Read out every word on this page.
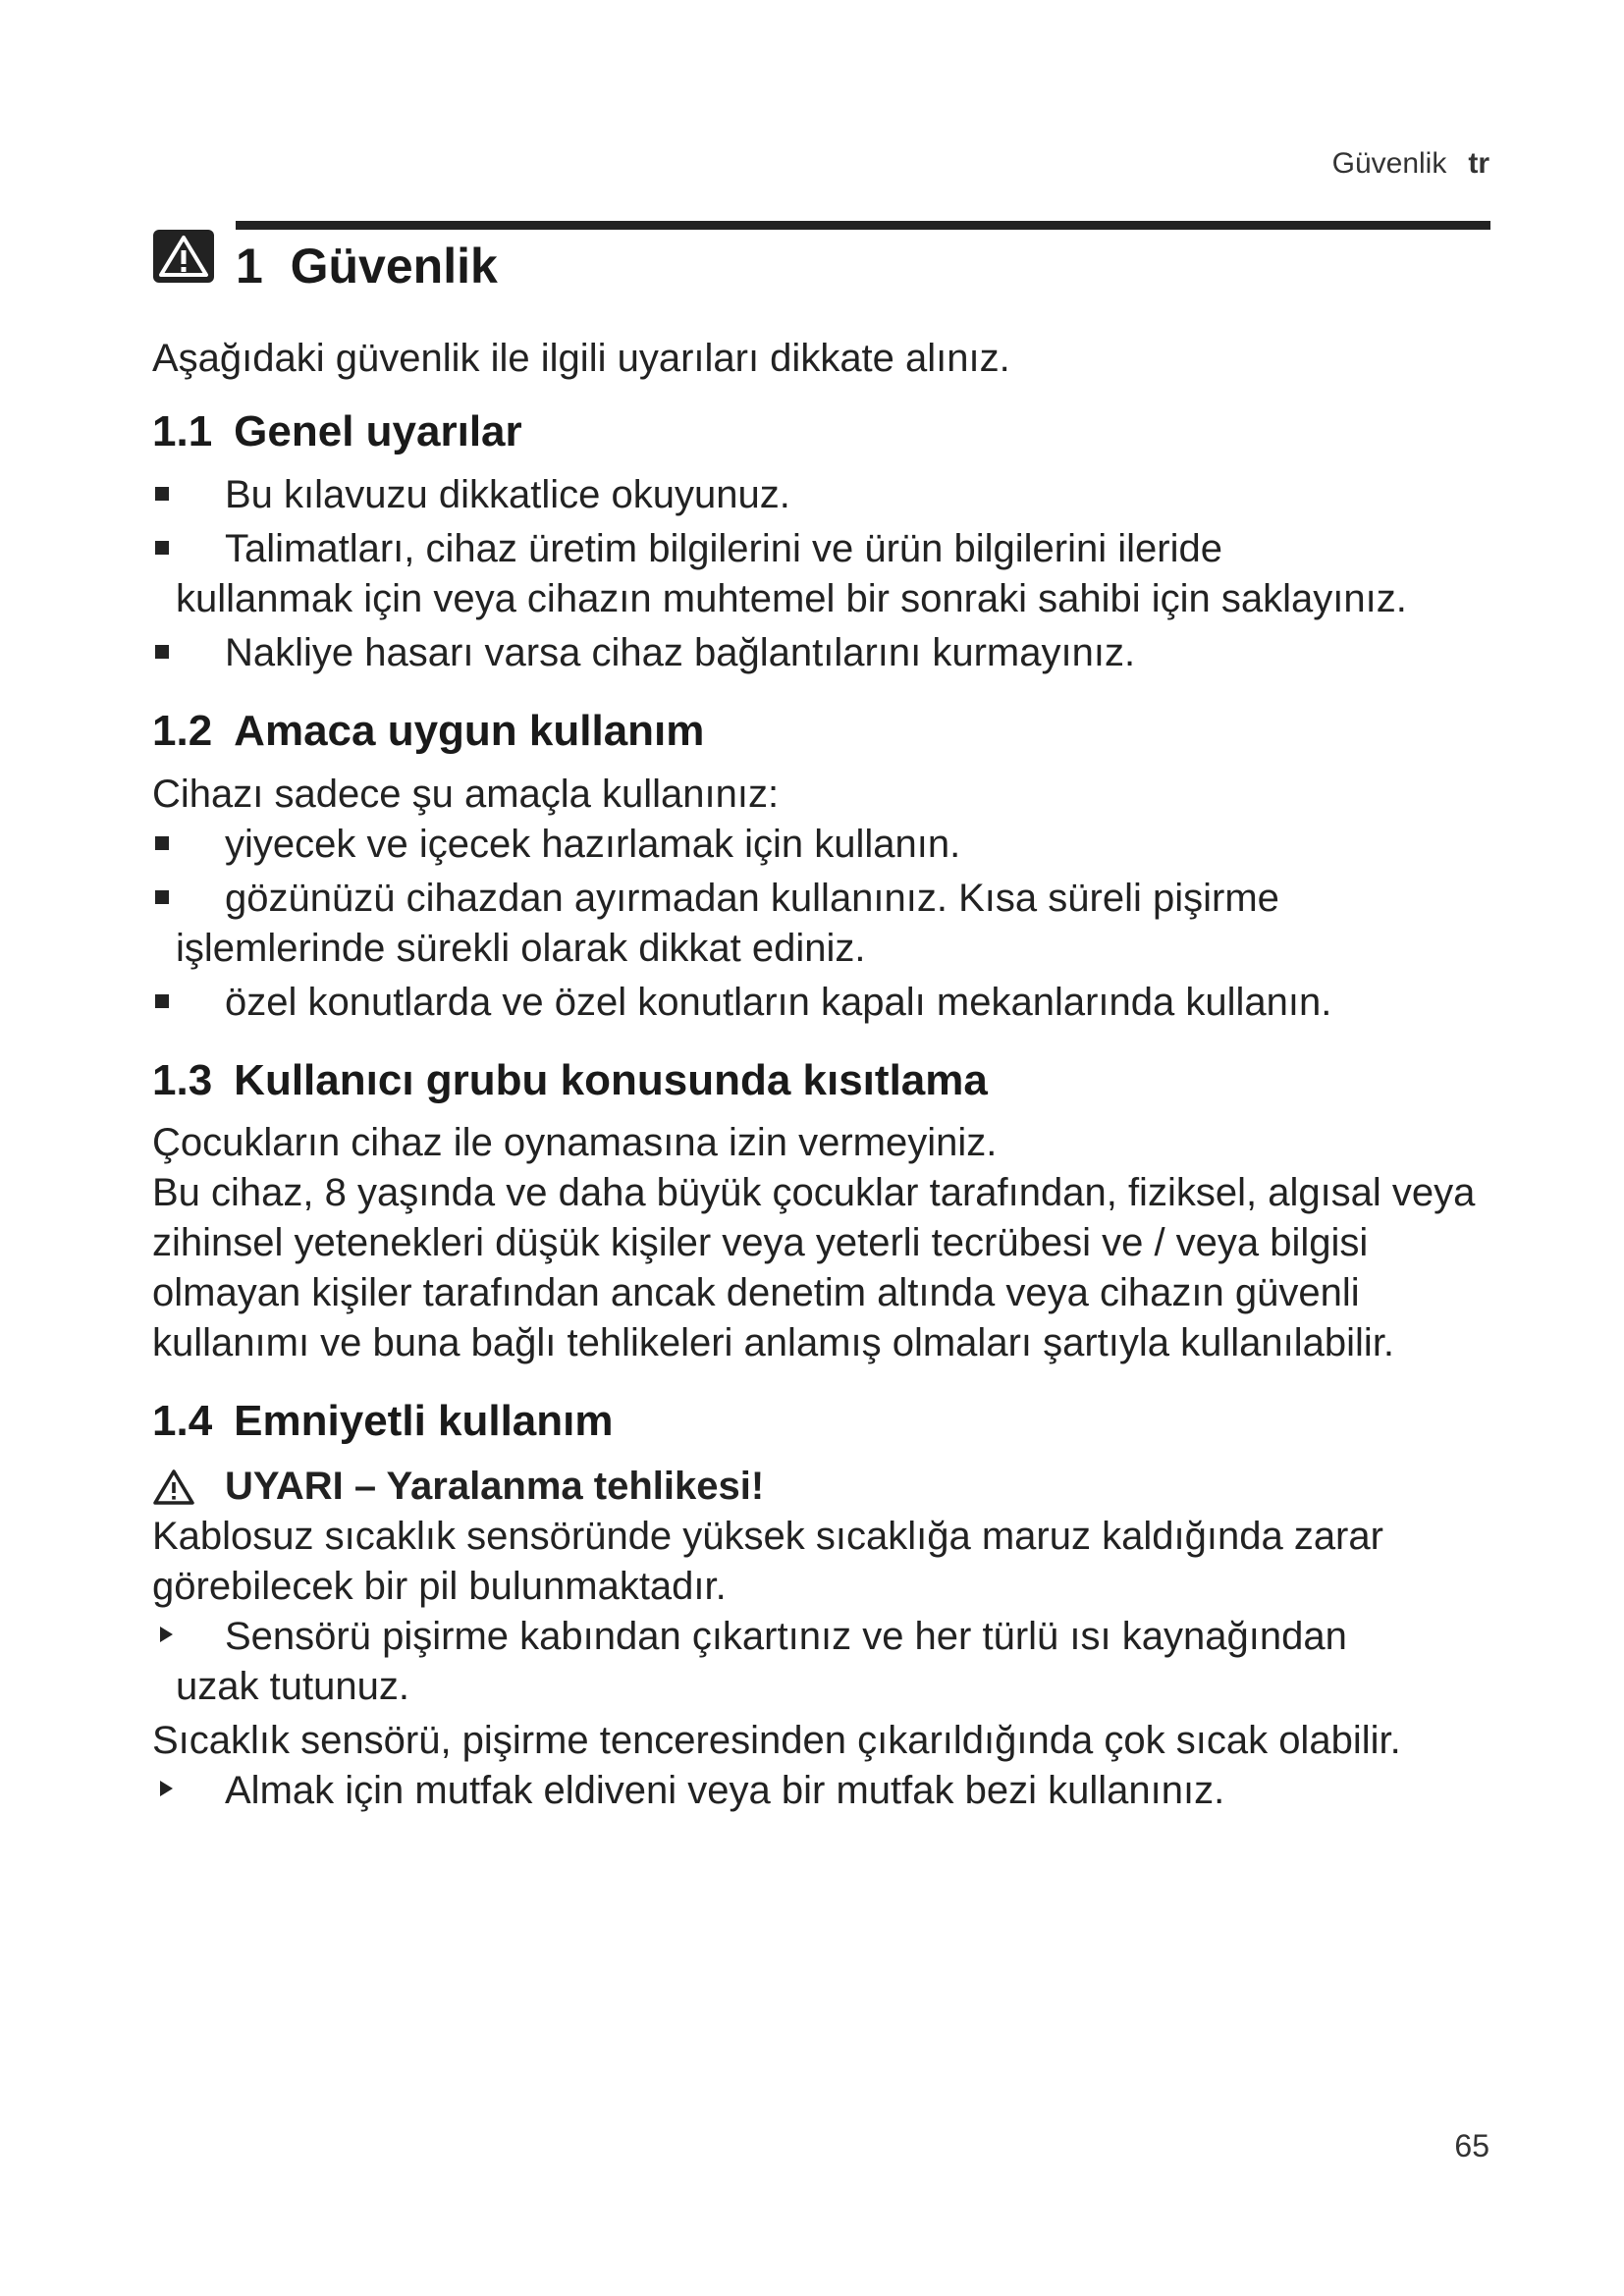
Güvenlik tr
1 Güvenlik

Aşağıdaki güvenlik ile ilgili uyarıları dikkate alınız.

1.1 Genel uyarılar
Bu kılavuzu dikkatlice okuyunuz.
Talimatları, cihaz üretim bilgilerini ve ürün bilgilerini ileride
kullanmak için veya cihazın muhtemel bir sonraki sahibi için saklayınız.
Nakliye hasarı varsa cihaz bağlantılarını kurmayınız.
1.2 Amaca uygun kullanım

Cihazı sadece şu amaçla kullanınız:

yiyecek ve içecek hazırlamak için kullanın.
gözünüzü cihazdan ayırmadan kullanınız. Kısa süreli pişirme
işlemlerinde sürekli olarak dikkat ediniz.
özel konutlarda ve özel konutların kapalı mekanlarında kullanın.
1.3 Kullanıcı grubu konusunda kısıtlama

Çocukların cihaz ile oynamasına izin vermeyiniz.

Bu cihaz, 8 yaşında ve daha büyük çocuklar tarafından, fiziksel, algısal veya zihinsel yetenekleri düşük kişiler veya yeterli tecrübesi ve / veya bilgisi olmayan kişiler tarafından ancak denetim altında veya cihazın güvenli kullanımı ve buna bağlı tehlikeleri anlamış olmaları şartıyla kullanılabilir.

1.4 Emniyetli kullanım
UYARI – Yaralanma tehlikesi!

Kablosuz sıcaklık sensöründe yüksek sıcaklığa maruz kaldığında zarar görebilecek bir pil bulunmaktadır.

Sensörü pişirme kabından çıkartınız ve her türlü ısı kaynağından
uzak tutunuz.

Sıcaklık sensörü, pişirme tenceresinden çıkarıldığında çok sıcak olabilir.

Almak için mutfak eldiveni veya bir mutfak bezi kullanınız.
65
